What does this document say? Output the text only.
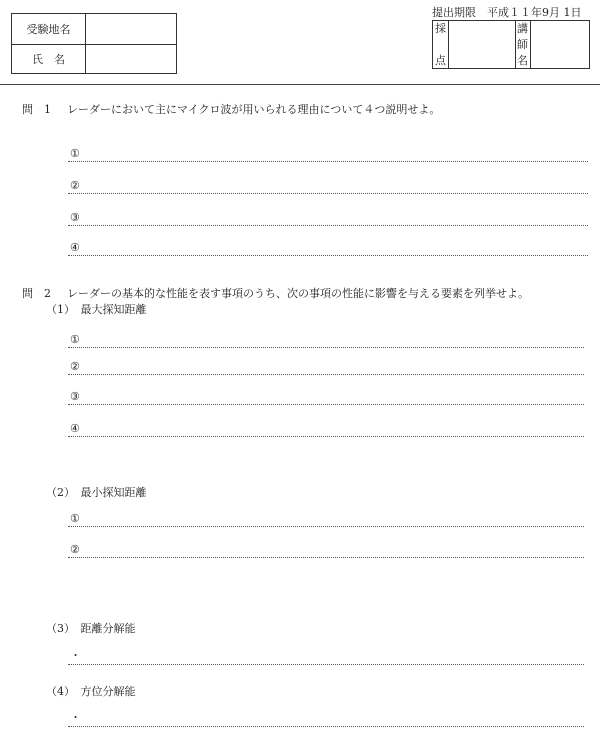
受験地名
氏　名
提出期限　平成１１年9月 1日
採
点
講
師
名
問　1 レーダーにおいて主にマイクロ波が用いられる理由について４つ説明せよ。
①
②
③
④
問　2 レーダーの基本的な性能を表す事項のうち、次の事項の性能に影響を与える要素を列挙せよ。
（1）　最大探知距離
①
②
③
④
（2）　最小探知距離
①
②
（3）　距離分解能
・
（4）　方位分解能
・
